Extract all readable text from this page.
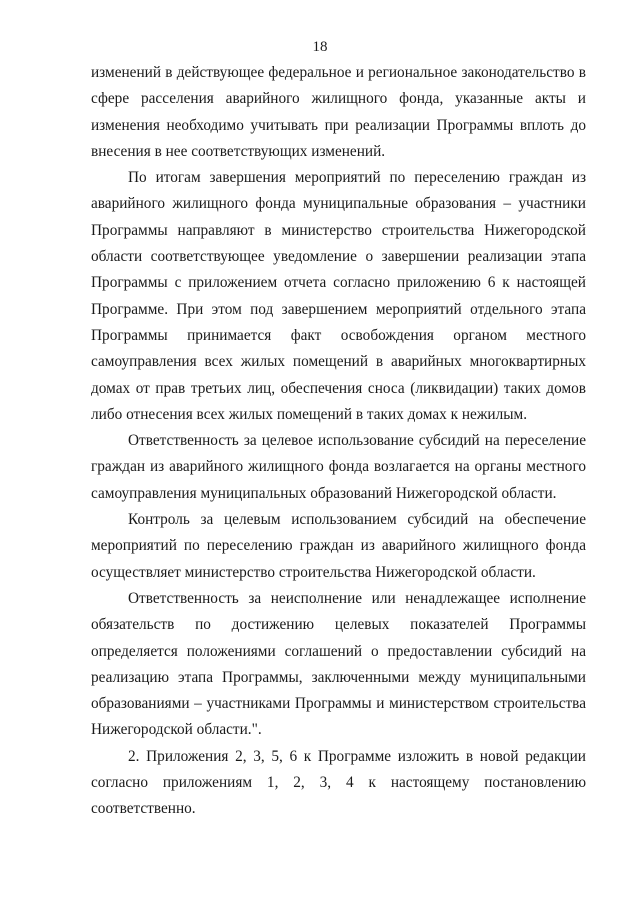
18

изменений в действующее федеральное и региональное законодательство в сфере расселения аварийного жилищного фонда, указанные акты и изменения необходимо учитывать при реализации Программы вплоть до внесения в нее соответствующих изменений.

По итогам завершения мероприятий по переселению граждан из аварийного жилищного фонда муниципальные образования – участники Программы направляют в министерство строительства Нижегородской области соответствующее уведомление о завершении реализации этапа Программы с приложением отчета согласно приложению 6 к настоящей Программе. При этом под завершением мероприятий отдельного этапа Программы принимается факт освобождения органом местного самоуправления всех жилых помещений в аварийных многоквартирных домах от прав третьих лиц, обеспечения сноса (ликвидации) таких домов либо отнесения всех жилых помещений в таких домах к нежилым.

Ответственность за целевое использование субсидий на переселение граждан из аварийного жилищного фонда возлагается на органы местного самоуправления муниципальных образований Нижегородской области.

Контроль за целевым использованием субсидий на обеспечение мероприятий по переселению граждан из аварийного жилищного фонда осуществляет министерство строительства Нижегородской области.

Ответственность за неисполнение или ненадлежащее исполнение обязательств по достижению целевых показателей Программы определяется положениями соглашений о предоставлении субсидий на реализацию этапа Программы, заключенными между муниципальными образованиями – участниками Программы и министерством строительства Нижегородской области.".

2. Приложения 2, 3, 5, 6 к Программе изложить в новой редакции согласно приложениям 1, 2, 3, 4 к настоящему постановлению соответственно.
